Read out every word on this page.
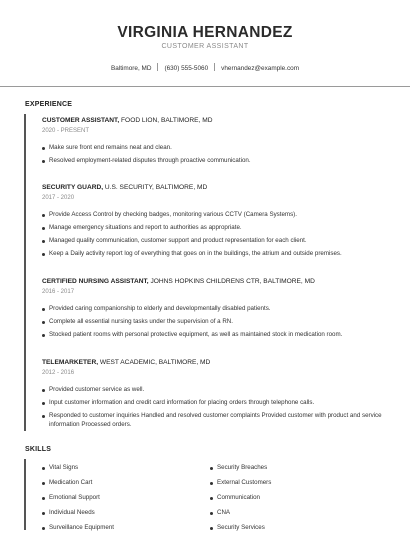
VIRGINIA HERNANDEZ
CUSTOMER ASSISTANT
Baltimore, MD (630) 555-5060 vhernandez@example.com
EXPERIENCE
CUSTOMER ASSISTANT, FOOD LION, BALTIMORE, MD
2020 - PRESENT
Make sure front end remains neat and clean.
Resolved employment-related disputes through proactive communication.
SECURITY GUARD, U.S. SECURITY, BALTIMORE, MD
2017 - 2020
Provide Access Control by checking badges, monitoring various CCTV (Camera Systems).
Manage emergency situations and report to authorities as appropriate.
Managed quality communication, customer support and product representation for each client.
Keep a Daily activity report log of everything that goes on in the buildings, the atrium and outside premises.
CERTIFIED NURSING ASSISTANT, JOHNS HOPKINS CHILDRENS CTR, BALTIMORE, MD
2016 - 2017
Provided caring companionship to elderly and developmentally disabled patients.
Complete all essential nursing tasks under the supervision of a RN.
Stocked patient rooms with personal protective equipment, as well as maintained stock in medication room.
TELEMARKETER, WEST ACADEMIC, BALTIMORE, MD
2012 - 2016
Provided customer service as well.
Input customer information and credit card information for placing orders through telephone calls.
Responded to customer inquiries Handled and resolved customer complaints Provided customer with product and service information Processed orders.
SKILLS
Vital Signs
Medication Cart
Emotional Support
Individual Needs
Surveillance Equipment
Security Breaches
External Customers
Communication
CNA
Security Services
